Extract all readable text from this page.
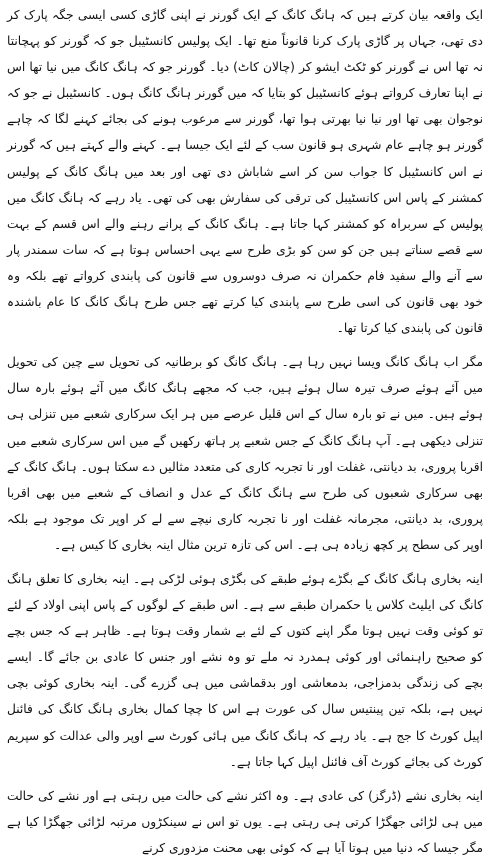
ایک واقعہ بیان کرتے ہیں کہ ہانگ کانگ کے ایک گورنر نے اپنی گاڑی کسی ایسی جگہ پارک کر دی تھی، جہاں پر گاڑی پارک کرنا قانوناً منع تھا۔ ایک پولیس کانسٹیبل جو کہ گورنر کو پہچانتا نہ تھا اس نے گورنر کو ٹکٹ ایشو کر (چالان کاٹ) دیا۔ گورنر جو کہ ہانگ کانگ میں نیا تھا اس نے اپنا تعارف کرواتے ہوئے کانسٹیبل کو بتایا کہ میں گورنر ہانگ کانگ ہوں۔ کانسٹیبل نے جو کہ نوجوان بھی تھا اور نیا نیا بھرتی ہوا تھا، گورنر سے مرعوب ہونے کی بجائے کہنے لگا کہ چاہے گورنر ہو چاہے عام شہری ہو قانون سب کے لئے ایک جیسا ہے۔ کہنے والے کہتے ہیں کہ گورنر نے اس کانسٹیبل کا جواب سن کر اسے شاباش دی تھی اور بعد میں ہانگ کانگ کے پولیس کمشنر کے پاس اس کانسٹیبل کی ترقی کی سفارش بھی کی تھی۔ یاد رہے کہ ہانگ کانگ میں پولیس کے سربراہ کو کمشنر کہا جاتا ہے۔ ہانگ کانگ کے پرانے رہنے والے اس قسم کے بہت سے قصے سناتے ہیں جن کو سن کو بڑی طرح سے یہی احساس ہوتا ہے کہ سات سمندر پار سے آنے والے سفید فام حکمران نہ صرف دوسروں سے قانون کی پابندی کرواتے تھے بلکہ وہ خود بھی قانون کی اسی طرح سے پابندی کیا کرتے تھے جس طرح ہانگ کانگ کا عام باشندہ قانون کی پابندی کیا کرتا تھا۔

مگر اب ہانگ کانگ ویسا نہیں رہا ہے۔ ہانگ کانگ کو برطانیہ کی تحویل سے چین کی تحویل میں آئے ہوئے صرف تیرہ سال ہوئے ہیں، جب کہ مجھے ہانگ کانگ میں آئے ہوئے بارہ سال ہوئے ہیں۔ میں نے تو بارہ سال کے اس قلیل عرصے میں ہر ایک سرکاری شعبے میں تنزلی ہی تنزلی دیکھی ہے۔ آپ ہانگ کانگ کے جس شعبے پر ہاتھ رکھیں گے میں اس سرکاری شعبے میں اقربا پروری، بد دیانتی، غفلت اور نا تجربہ کاری کی متعدد مثالیں دے سکتا ہوں۔ ہانگ کانگ کے بھی سرکاری شعبوں کی طرح سے ہانگ کانگ کے عدل و انصاف کے شعبے میں بھی اقربا پروری، بد دیانتی، مجرمانہ غفلت اور نا تجربہ کاری نیچے سے لے کر اوپر تک موجود ہے بلکہ اوپر کی سطح پر کچھ زیادہ ہی ہے۔ اس کی تازہ ترین مثال اینہ بخاری کا کیس ہے۔

اینہ بخاری ہانگ کانگ کے بگڑے ہوئے طبقے کی بگڑی ہوئی لڑکی ہے۔ اینہ بخاری کا تعلق ہانگ کانگ کی ایلیٹ کلاس یا حکمران طبقے سے ہے۔ اس طبقے کے لوگوں کے پاس اپنی اولاد کے لئے تو کوئی وقت نہیں ہوتا مگر اپنے کتوں کے لئے بے شمار وقت ہوتا ہے۔ ظاہر ہے کہ جس بچے کو صحیح راہنمائی اور کوئی ہمدرد نہ ملے تو وہ نشے اور جنس کا عادی بن جائے گا۔ ایسے بچے کی زندگی بدمزاجی، بدمعاشی اور بدقماشی میں ہی گزرے گی۔ اینہ بخاری کوئی بچی نہیں ہے، بلکہ تین پینتیس سال کی عورت ہے اس کا چچا کمال بخاری ہانگ کانگ کی فائنل اپیل کورٹ کا جج ہے۔ یاد رہے کہ ہانگ کانگ میں ہائی کورٹ سے اوپر والی عدالت کو سپریم کورٹ کی بجائے کورٹ آف فائنل اپیل کہا جاتا ہے۔

اینہ بخاری نشے (ڈرگز) کی عادی ہے۔ وہ اکثر نشے کی حالت میں رہتی ہے اور نشے کی حالت میں ہی لڑائی جھگڑا کرتی ہی رہتی ہے۔ یوں تو اس نے سینکڑوں مرتبہ لڑائی جھگڑا کیا ہے مگر جیسا کہ دنیا میں ہوتا آیا ہے کہ کوئی بھی محنت مزدوری کرنے
